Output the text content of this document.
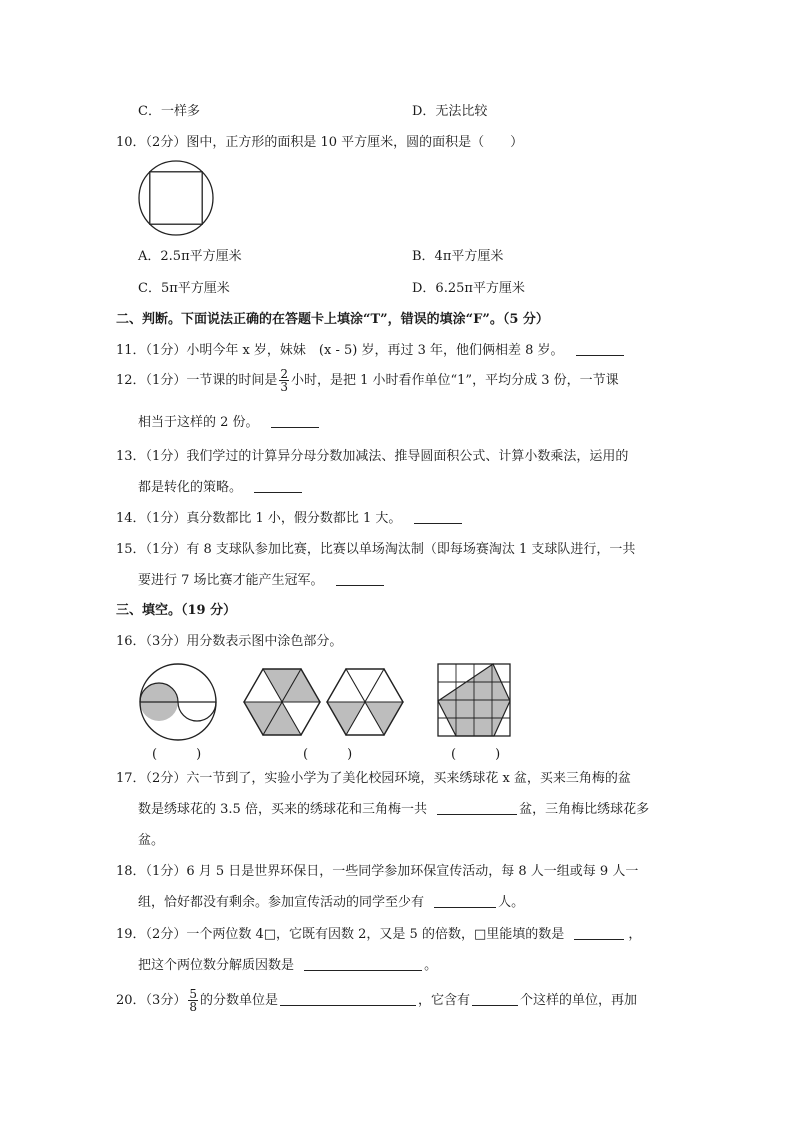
C．一样多	D．无法比较
10．（2分）图中，正方形的面积是 10 平方厘米，圆的面积是（　　）
A．2.5π平方厘米	B．4π平方厘米
C．5π平方厘米	D．6.25π平方厘米
二、判断。下面说法正确的在答题卡上填涂“T”，错误的填涂“F”。（5 分）
11．（1分）小明今年 x 岁，妹妹　(x - 5) 岁，再过 3 年，他们俩相差 8 岁。
12．（1分）一节课的时间是 $\frac{2}{3}$ 小时，是把 1 小时看作单位“1”，平均分成 3 份，一节课
相当于这样的 2 份。
13．（1分）我们学过的计算异分母分数加减法、推导圆面积公式、计算小数乘法，运用的
都是转化的策略。
14．（1分）真分数都比 1 小，假分数都比 1 大。
15．（1分）有 8 支球队参加比赛，比赛以单场淘汰制（即每场赛淘汰 1 支球队进行，一共
要进行 7 场比赛才能产生冠军。
三、填空。（19 分）
16．（3分）用分数表示图中涂色部分。
(　　　)	(　　　)	(　　　)
17．（2分）六一节到了，实验小学为了美化校园环境，买来绣球花 x 盆，买来三角梅的盆
数是绣球花的 3.5 倍，买来的绣球花和三角梅一共	盆，三角梅比绣球花多
盆。
18．（1分）6 月 5 日是世界环保日，一些同学参加环保宣传活动，每 8 人一组或每 9 人一
组，恰好都没有剩余。参加宣传活动的同学至少有	人。
19．（2分）一个两位数 4□，它既有因数 2，又是 5 的倍数，□里能填的数是	，
把这个两位数分解质因数是	。
20．（3分） $\frac{5}{8}$ 的分数单位是	，它含有	个这样的单位，再加
